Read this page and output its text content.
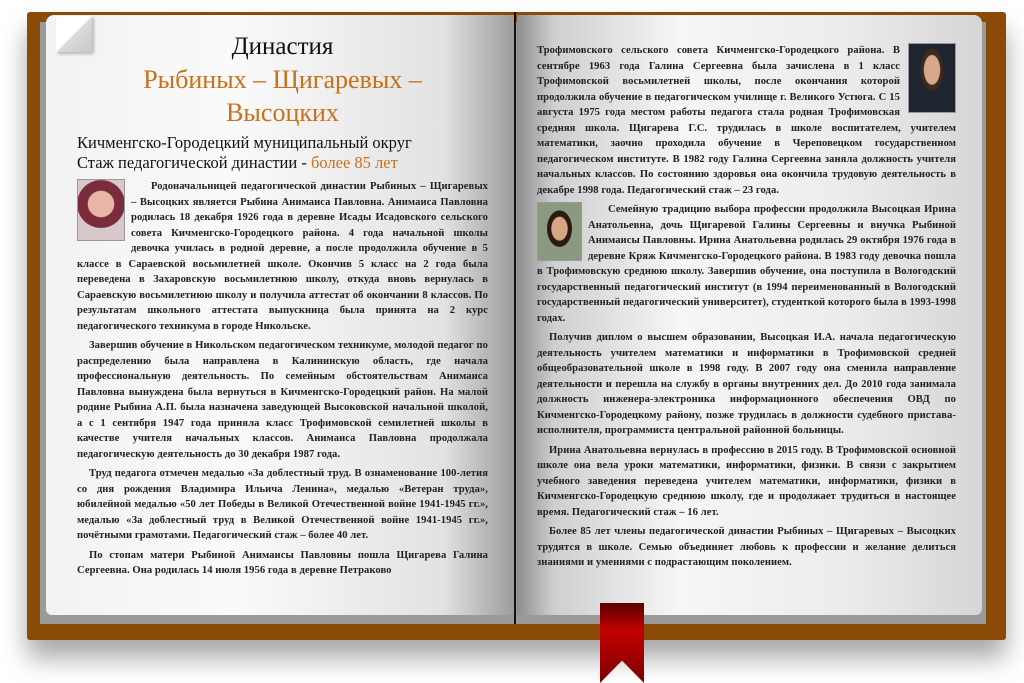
Династия
Рыбиных – Щигаревых –
Высоцких
Кичменгско-Городецкий муниципальный округ
Стаж педагогической династии - более 85 лет

Родоначальницей педагогической династии Рыбиных – Щигаревых – Высоцких является Рыбина Анимаиса Павловна. Анимаиса Павловна родилась 18 декабря 1926 года в деревне Исады Исадовского сельского совета Кичменгско-Городецкого района. 4 года начальной школы девочка училась в родной деревне, а после продолжила обучение в 5 классе в Сараевской восьмилетней школе. Окончив 5 класс на 2 года была переведена в Захаровскую восьмилетнюю школу, откуда вновь вернулась в Сараевскую восьмилетнюю школу и получила аттестат об окончании 8 классов. По результатам школьного аттестата выпускница была принята на 2 курс педагогического техникума в городе Никольске.

Завершив обучение в Никольском педагогическом техникуме, молодой педагог по распределению была направлена в Калининскую область, где начала профессиональную деятельность. По семейным обстоятельствам Анимаиса Павловна вынуждена была вернуться в Кичменгско-Городецкий район. На малой родине Рыбина А.П. была назначена заведующей Высоковской начальной школой, а с 1 сентября 1947 года приняла класс Трофимовской семилетней школы в качестве учителя начальных классов. Анимаиса Павловна продолжала педагогическую деятельность до 30 декабря 1987 года.

Труд педагога отмечен медалью «За доблестный труд. В ознаменование 100-летия со дня рождения Владимира Ильича Ленина», медалью «Ветеран труда», юбилейной медалью «50 лет Победы в Великой Отечественной войне 1941-1945 гг.», медалью «За доблестный труд в Великой Отечественной войне 1941-1945 гг.», почётными грамотами. Педагогический стаж – более 40 лет.

По стопам матери Рыбиной Анимаисы Павловны пошла Щигарева Галина Сергеевна. Она родилась 14 июля 1956 года в деревне Петраково

Трофимовского сельского совета Кичменгско-Городецкого района. В сентябре 1963 года Галина Сергеевна была зачислена в 1 класс Трофимовской восьмилетней школы, после окончания которой продолжила обучение в педагогическом училище г. Великого Устюга. С 15 августа 1975 года местом работы педагога стала родная Трофимовская средняя школа. Щигарева Г.С. трудилась в школе воспитателем, учителем математики, заочно проходила обучение в Череповецком государственном педагогическом институте. В 1982 году Галина Сергеевна заняла должность учителя начальных классов. По состоянию здоровья она окончила трудовую деятельность в декабре 1998 года. Педагогический стаж – 23 года.

Семейную традицию выбора профессии продолжила Высоцкая Ирина Анатольевна, дочь Щигаревой Галины Сергеевны и внучка Рыбиной Анимаисы Павловны. Ирина Анатольевна родилась 29 октября 1976 года в деревне Кряж Кичменгско-Городецкого района. В 1983 году девочка пошла в Трофимовскую среднюю школу. Завершив обучение, она поступила в Вологодский государственный педагогический институт (в 1994 переименованный в Вологодский государственный педагогический университет), студенткой которого была в 1993-1998 годах.

Получив диплом о высшем образовании, Высоцкая И.А. начала педагогическую деятельность учителем математики и информатики в Трофимовской средней общеобразовательной школе в 1998 году. В 2007 году она сменила направление деятельности и перешла на службу в органы внутренних дел. До 2010 года занимала должность инженера-электроника информационного обеспечения ОВД по Кичменгско-Городецкому району, позже трудилась в должности судебного пристава-исполнителя, программиста центральной районной больницы.

Ирина Анатольевна вернулась в профессию в 2015 году. В Трофимовской основной школе она вела уроки математики, информатики, физики. В связи с закрытием учебного заведения переведена учителем математики, информатики, физики в Кичменгско-Городецкую среднюю школу, где и продолжает трудиться в настоящее время. Педагогический стаж – 16 лет.

Более 85 лет члены педагогической династии Рыбиных – Щигаревых – Высоцких трудятся в школе. Семью объединяет любовь к профессии и желание делиться знаниями и умениями с подрастающим поколением.
